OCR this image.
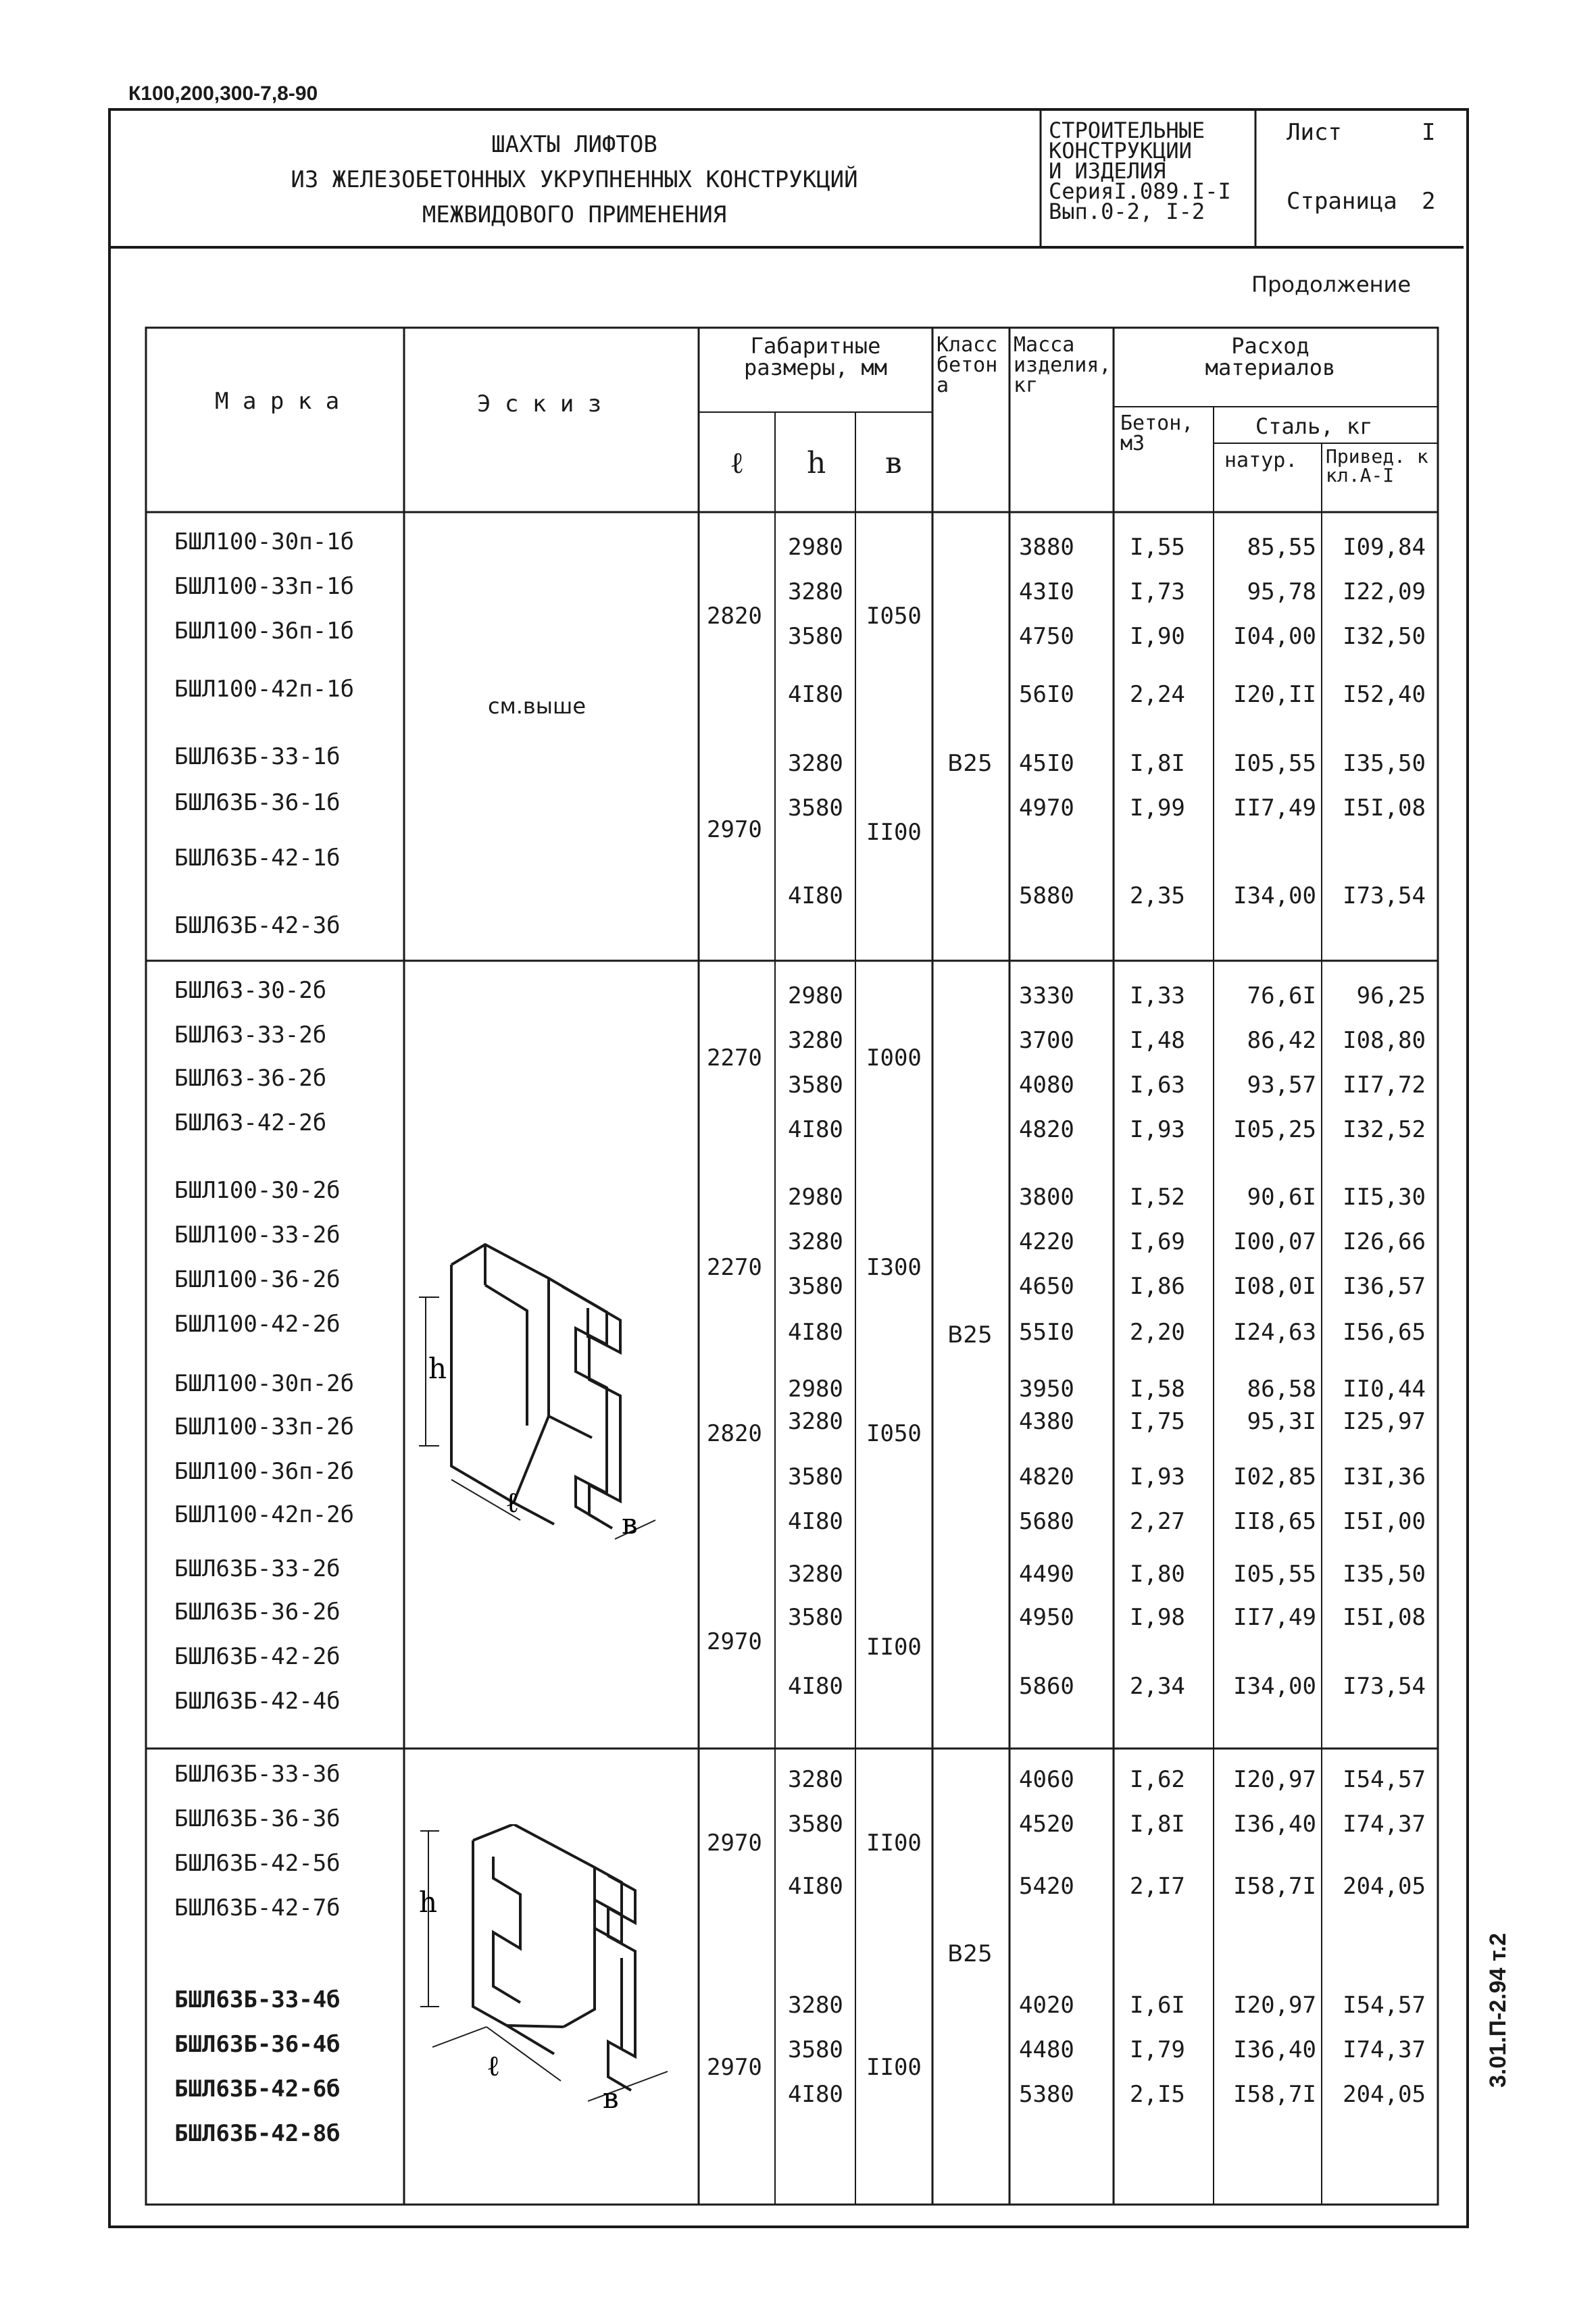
К100,200,300-7,8-90
ШАХТЫ ЛИФТОВ
ИЗ ЖЕЛЕЗОБЕТОННЫХ УКРУПНЕННЫХ КОНСТРУКЦИЙ
МЕЖВИДОВОГО ПРИМЕНЕНИЯ
СТРОИТЕЛЬНЫЕ
КОНСТРУКЦИИ
И ИЗДЕЛИЯ
СерияI.089.I-I
Вып.0-2, I-2
Лист	I
Страница 2
Продолжение
М а р к а	Э с к и з
Габаритные размеры, мм
ℓ h в
Класс бетона
Масса изделия, кг
Расход материалов
Бетон, м3
Сталь, кг
натур. Привед. к кл.А-I
БШЛ100-30п-1б
БШЛ100-33п-1б
БШЛ100-36п-1б
БШЛ100-42п-1б
БШЛ63Б-33-1б
БШЛ63Б-36-1б
БШЛ63Б-42-1б
БШЛ63Б-42-3б
см.выше
2820
2970
I050
II00
В25
2980
3280
3580
4I80
3280
3580
4I80
3880
43I0
4750
56I0
45I0
4970
5880
I,55
I,73
I,90
2,24
I,8I
I,99
2,35
85,55
95,78
I04,00
I20,II
I05,55
II7,49
I34,00
I09,84
I22,09
I32,50
I52,40
I35,50
I5I,08
I73,54
БШЛ63-30-2б
БШЛ63-33-2б
БШЛ63-36-2б
БШЛ63-42-2б
БШЛ100-30-2б
БШЛ100-33-2б
БШЛ100-36-2б
БШЛ100-42-2б
БШЛ100-30п-2б
БШЛ100-33п-2б
БШЛ100-36п-2б
БШЛ100-42п-2б
БШЛ63Б-33-2б
БШЛ63Б-36-2б
БШЛ63Б-42-2б
БШЛ63Б-42-4б
h
ℓ
в
2270
2270
2820
2970
I000
I300
I050
II00
В25
2980
3280
3580
4I80
2980
3280
3580
4I80
2980
3280
3580
4I80
3280
3580
4I80
3330
3700
4080
4820
3800
4220
4650
55I0
3950
4380
4820
5680
4490
4950
5860
I,33
I,48
I,63
I,93
I,52
I,69
I,86
2,20
I,58
I,75
I,93
2,27
I,80
I,98
2,34
76,6I
86,42
93,57
I05,25
90,6I
I00,07
I08,0I
I24,63
86,58
95,3I
I02,85
II8,65
I05,55
II7,49
I34,00
96,25
I08,80
II7,72
I32,52
II5,30
I26,66
I36,57
I56,65
II0,44
I25,97
I3I,36
I5I,00
I35,50
I5I,08
I73,54
БШЛ63Б-33-3б
БШЛ63Б-36-3б
БШЛ63Б-42-5б
БШЛ63Б-42-7б
БШЛ63Б-33-4б
БШЛ63Б-36-4б
БШЛ63Б-42-6б
БШЛ63Б-42-8б
h
ℓ
в
2970
2970
II00
II00
В25
3280
3580
4I80
3280
3580
4I80
4060
4520
5420
4020
4480
5380
I,62
I,8I
2,I7
I,6I
I,79
2,I5
I20,97
I36,40
I58,7I
I20,97
I36,40
I58,7I
I54,57
I74,37
204,05
I54,57
I74,37
204,05
3.01.П-2.94 т.2
